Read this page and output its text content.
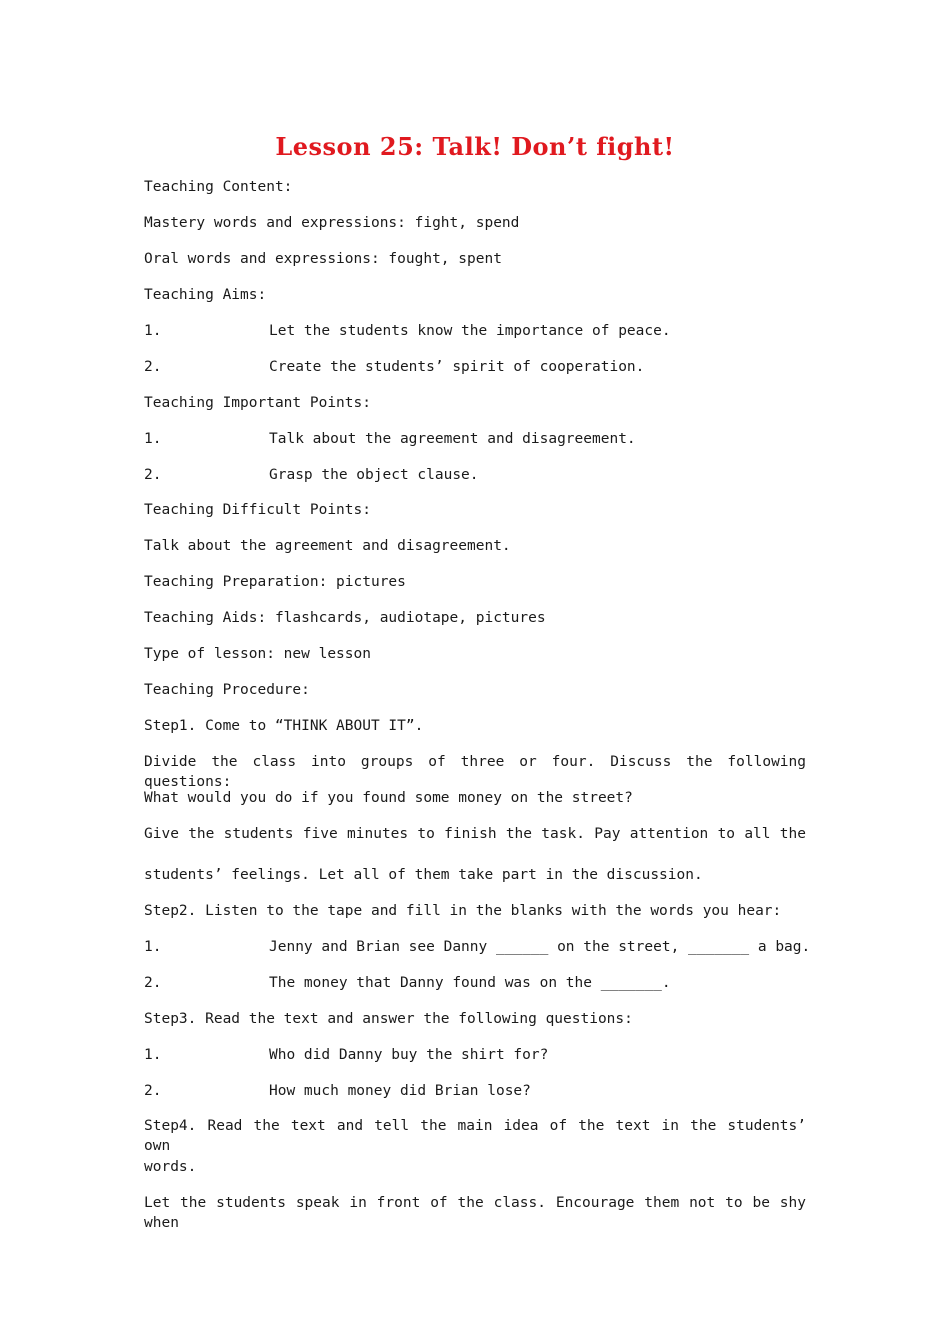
Lesson 25: Talk! Don’t fight!

Teaching Content:

Mastery words and expressions: fight, spend

Oral words and expressions: fought, spent

Teaching Aims:

1.	Let the students know the importance of peace.

2.	Create the students’ spirit of cooperation.

Teaching Important Points:

1.	Talk about the agreement and disagreement.

2.	Grasp the object clause.

Teaching Difficult Points:

Talk about the agreement and disagreement.

Teaching Preparation: pictures

Teaching Aids: flashcards, audiotape, pictures

Type of lesson: new lesson

Teaching Procedure:

Step1. Come to “THINK ABOUT IT”.

Divide the class into groups of three or four. Discuss the following questions:

What would you do if you found some money on the street?

Give the students five minutes to finish the task. Pay attention to all the

students’ feelings. Let all of them take part in the discussion.

Step2. Listen to the tape and fill in the blanks with the words you hear:

1.	Jenny and Brian see Danny ______ on the street, _______ a bag.

2.	The money that Danny found was on the _______.

Step3. Read the text and answer the following questions:

1.	Who did Danny buy the shirt for?

2.	How much money did Brian lose?

Step4. Read the text and tell the main idea of the text in the students’ own

words.

Let the students speak in front of the class. Encourage them not to be shy when
